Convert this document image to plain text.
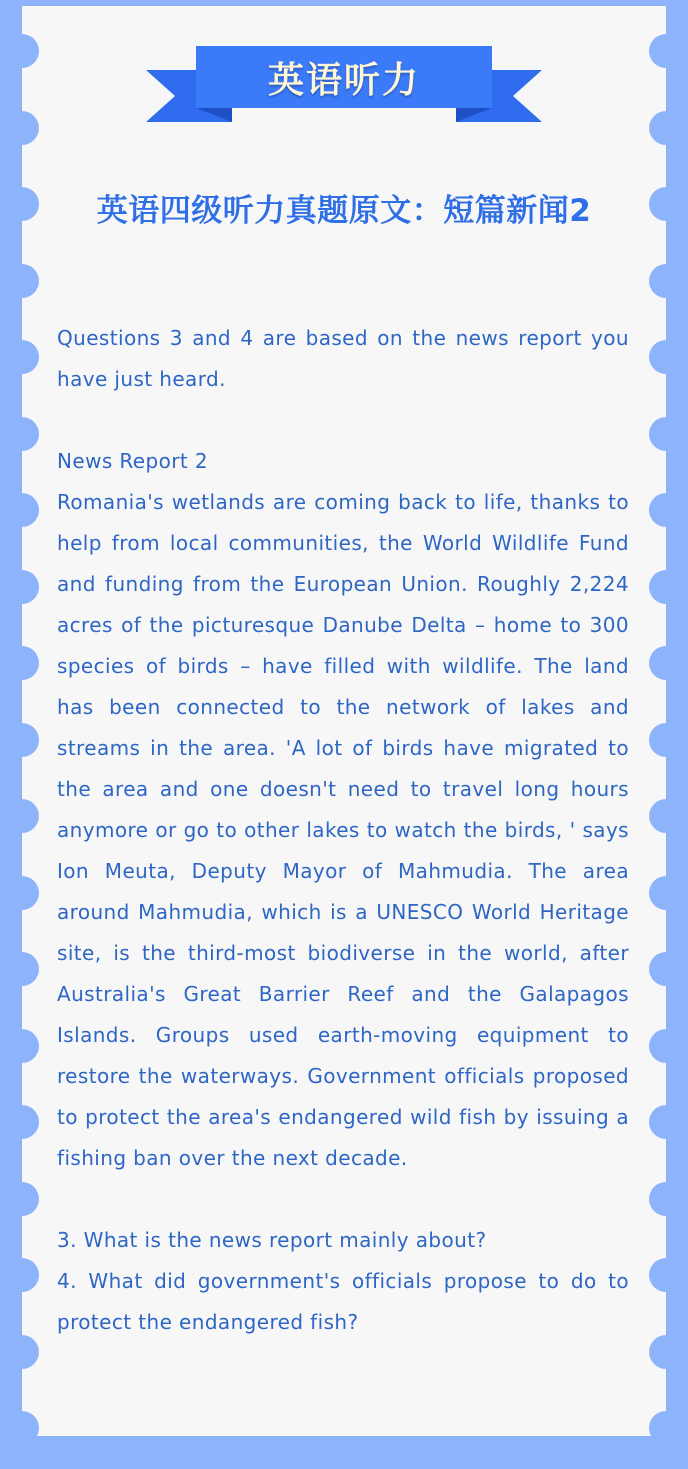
英语听力
英语四级听力真题原文：短篇新闻2

Questions 3 and 4 are based on the news report you have just heard.

News Report 2

Romania's wetlands are coming back to life, thanks to help from local communities, the World Wildlife Fund and funding from the European Union. Roughly 2,224 acres of the picturesque Danube Delta – home to 300 species of birds – have filled with wildlife. The land has been connected to the network of lakes and streams in the area. 'A lot of birds have migrated to the area and one doesn't need to travel long hours anymore or go to other lakes to watch the birds, ' says Ion Meuta, Deputy Mayor of Mahmudia. The area around Mahmudia, which is a UNESCO World Heritage site, is the third-most biodiverse in the world, after Australia's Great Barrier Reef and the Galapagos Islands. Groups used earth-moving equipment to restore the waterways. Government officials proposed to protect the area's endangered wild fish by issuing a fishing ban over the next decade.

3. What is the news report mainly about?

4. What did government's officials propose to do to protect the endangered fish?
